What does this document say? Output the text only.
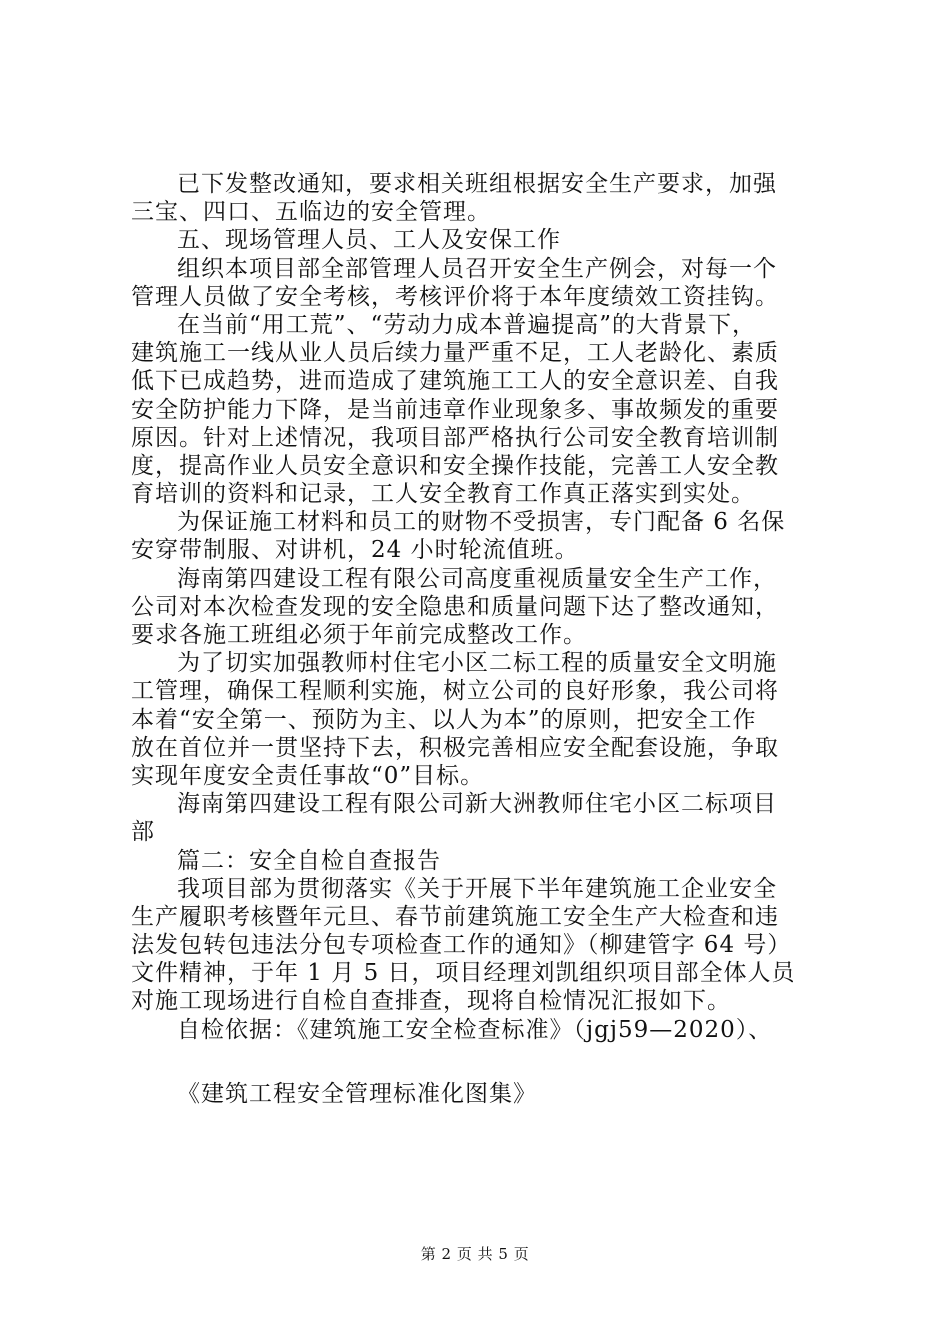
已下发整改通知，要求相关班组根据安全生产要求，加强
三宝、四口、五临边的安全管理。
五、现场管理人员、工人及安保工作
组织本项目部全部管理人员召开安全生产例会，对每一个
管理人员做了安全考核，考核评价将于本年度绩效工资挂钩。
在当前“用工荒”、“劳动力成本普遍提高”的大背景下，
建筑施工一线从业人员后续力量严重不足，工人老龄化、素质
低下已成趋势，进而造成了建筑施工工人的安全意识差、自我
安全防护能力下降，是当前违章作业现象多、事故频发的重要
原因。针对上述情况，我项目部严格执行公司安全教育培训制
度，提高作业人员安全意识和安全操作技能，完善工人安全教
育培训的资料和记录，工人安全教育工作真正落实到实处。
为保证施工材料和员工的财物不受损害，专门配备 6 名保
安穿带制服、对讲机，24 小时轮流值班。
海南第四建设工程有限公司高度重视质量安全生产工作，
公司对本次检查发现的安全隐患和质量问题下达了整改通知，
要求各施工班组必须于年前完成整改工作。
为了切实加强教师村住宅小区二标工程的质量安全文明施
工管理，确保工程顺利实施，树立公司的良好形象，我公司将
本着“安全第一、预防为主、以人为本”的原则，把安全工作
放在首位并一贯坚持下去，积极完善相应安全配套设施，争取
实现年度安全责任事故“0”目标。
海南第四建设工程有限公司新大洲教师住宅小区二标项目
部
篇二：安全自检自查报告
我项目部为贯彻落实《关于开展下半年建筑施工企业安全
生产履职考核暨年元旦、春节前建筑施工安全生产大检查和违
法发包转包违法分包专项检查工作的通知》（柳建管字 64 号）
文件精神，于年 1 月 5 日，项目经理刘凯组织项目部全体人员
对施工现场进行自检自查排查，现将自检情况汇报如下。
自检依据：《建筑施工安全检查标准》（jgj59—2020）、
《建筑工程安全管理标准化图集》
第 2 页 共 5 页
